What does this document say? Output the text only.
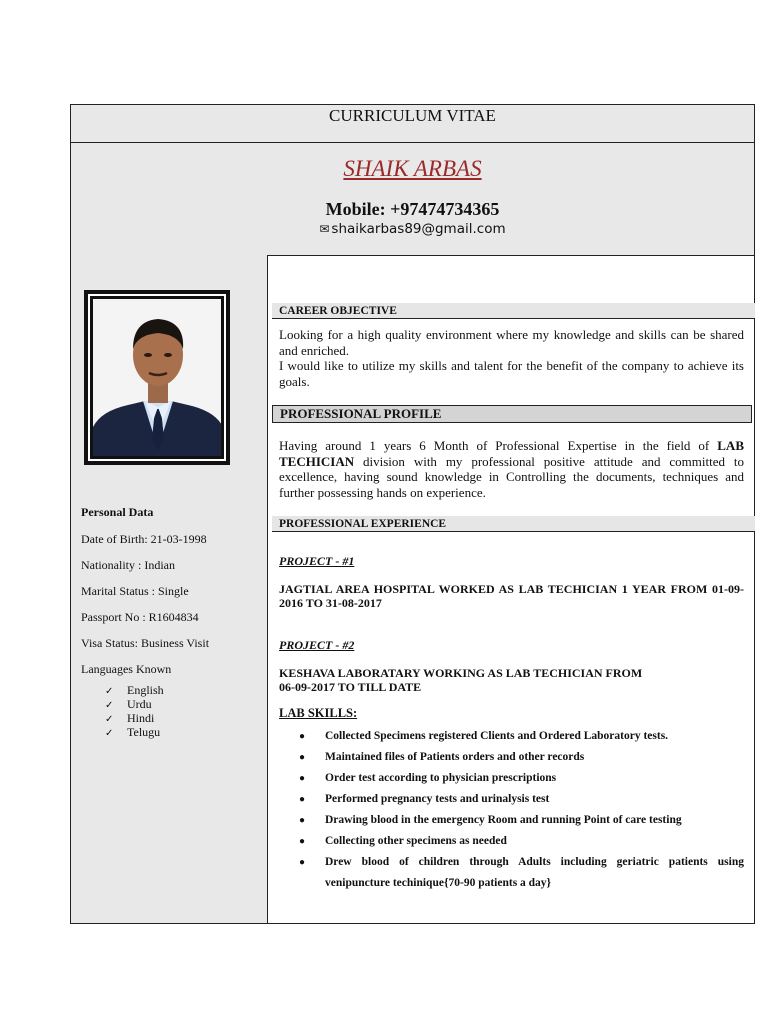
CURRICULUM VITAE
SHAIK ARBAS
Mobile: +97474734365
✉ shaikarbas89@gmail.com
Personal Data
Date of Birth: 21-03-1998
Nationality : Indian
Marital Status : Single
Passport No : R1604834
Visa Status: Business Visit
Languages Known
✓ English
✓ Urdu
✓ Hindi
✓ Telugu
CAREER OBJECTIVE
Looking for a high quality environment where my knowledge and skills can be shared and enriched.
I would like to utilize my skills and talent for the benefit of the company to achieve its goals.
PROFESSIONAL PROFILE
Having around 1 years 6 Month of Professional Expertise in the field of LAB TECHICIAN division with my professional positive attitude and committed to excellence, having sound knowledge in Controlling the documents, techniques and further possessing hands on experience.
PROFESSIONAL EXPERIENCE
PROJECT - #1
JAGTIAL AREA HOSPITAL WORKED AS LAB TECHICIAN 1 YEAR FROM 01-09-2016 TO 31-08-2017
PROJECT - #2
KESHAVA LABORATARY WORKING AS LAB TECHICIAN FROM
06-09-2017 TO TILL DATE
LAB SKILLS:
● Collected Specimens registered Clients and Ordered Laboratory tests.
● Maintained files of Patients orders and other records
● Order test according to physician prescriptions
● Performed pregnancy tests and urinalysis test
● Drawing blood in the emergency Room and running Point of care testing
● Collecting other specimens as needed
● Drew blood of children through Adults including geriatric patients using venipuncture techinique{70-90 patients a day}
